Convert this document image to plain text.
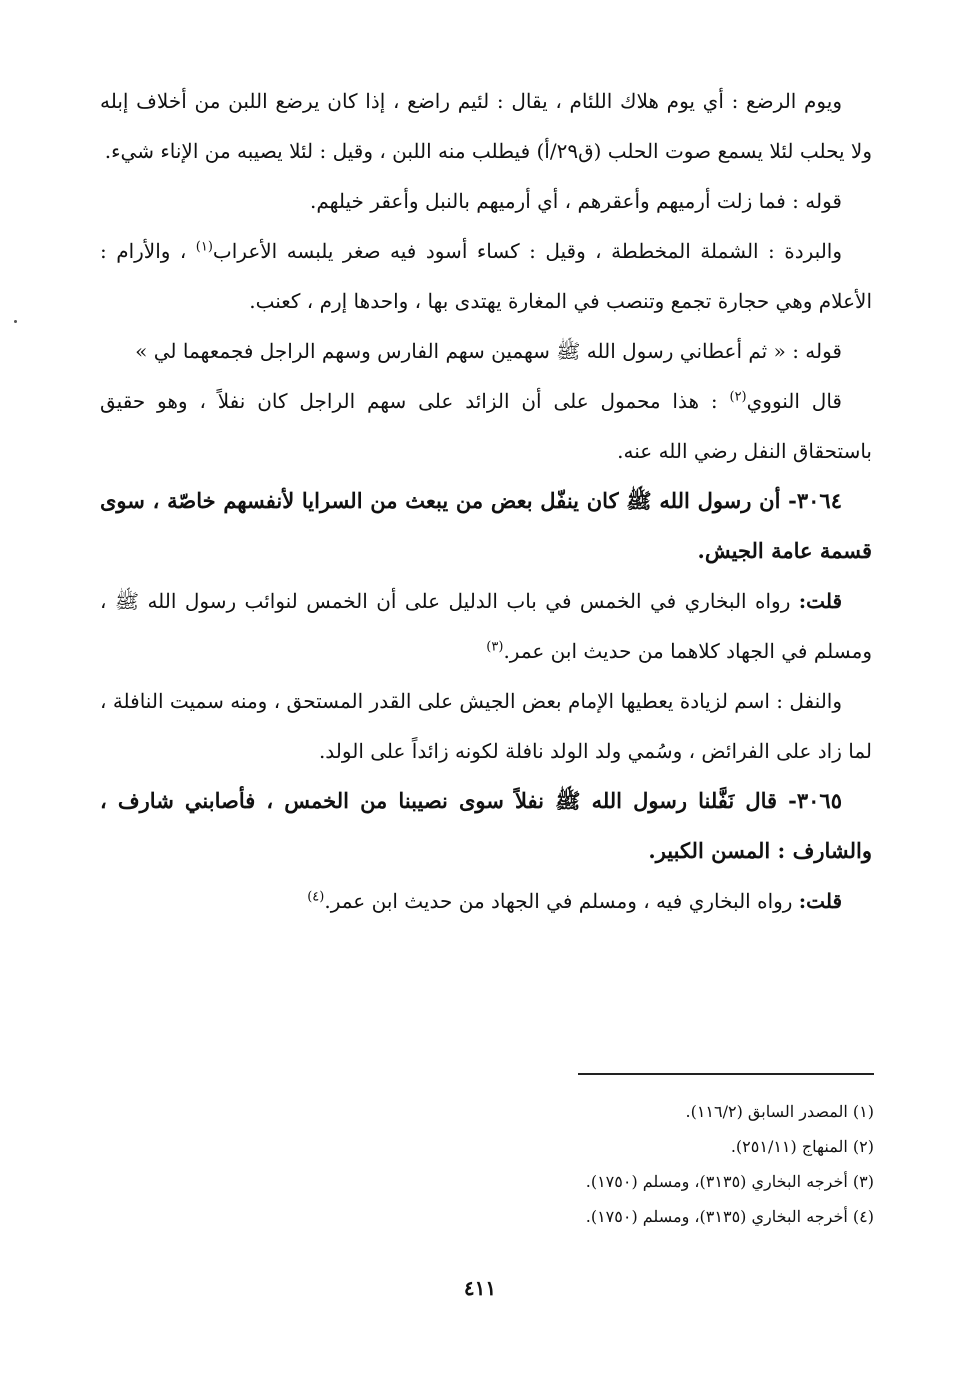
ويوم الرضع : أي يوم هلاك اللئام ، يقال : لئيم راضع ، إذا كان يرضع اللبن من أخلاف إبله ولا يحلب لئلا يسمع صوت الحلب (ق٢٩/أ) فيطلب منه اللبن ، وقيل : لئلا يصيبه من الإناء شيء.

قوله : فما زلت أرميهم وأعقرهم ، أي أرميهم بالنبل وأعقر خيلهم.

والبردة : الشملة المخططة ، وقيل : كساء أسود فيه صغر يلبسه الأعراب$^{(١)}$ ، والأرام : الأعلام وهي حجارة تجمع وتنصب في المغارة يهتدى بها ، واحدها إرم ، كعنب.

قوله : « ثم أعطاني رسول الله ﷺ سهمين سهم الفارس وسهم الراجل فجمعهما لي »

قال النووي$^{(٢)}$ : هذا محمول على أن الزائد على سهم الراجل كان نفلاً ، وهو حقيق باستحقاق النفل رضي الله عنه.

٣٠٦٤- أن رسول الله ﷺ كان ينفّل بعض من يبعث من السرايا لأنفسهم خاصّة ، سوى قسمة عامة الجيش.

قلت: رواه البخاري في الخمس في باب الدليل على أن الخمس لنوائب رسول الله ﷺ ، ومسلم في الجهاد كلاهما من حديث ابن عمر.$^{(٣)}$

والنفل : اسم لزيادة يعطيها الإمام بعض الجيش على القدر المستحق ، ومنه سميت النافلة ، لما زاد على الفرائض ، وسُمي ولد الولد نافلة لكونه زائداً على الولد.

٣٠٦٥- قال نَفَّلنا رسول الله ﷺ نفلاً سوى نصيبنا من الخمس ، فأصابني شارف ، والشارف : المسن الكبير.

قلت: رواه البخاري فيه ، ومسلم في الجهاد من حديث ابن عمر.$^{(٤)}$

(١) المصدر السابق (١١٦/٢).

(٢) المنهاج (٢٥١/١١).

(٣) أخرجه البخاري (٣١٣٥)، ومسلم (١٧٥٠).

(٤) أخرجه البخاري (٣١٣٥)، ومسلم (١٧٥٠).

٤١١
